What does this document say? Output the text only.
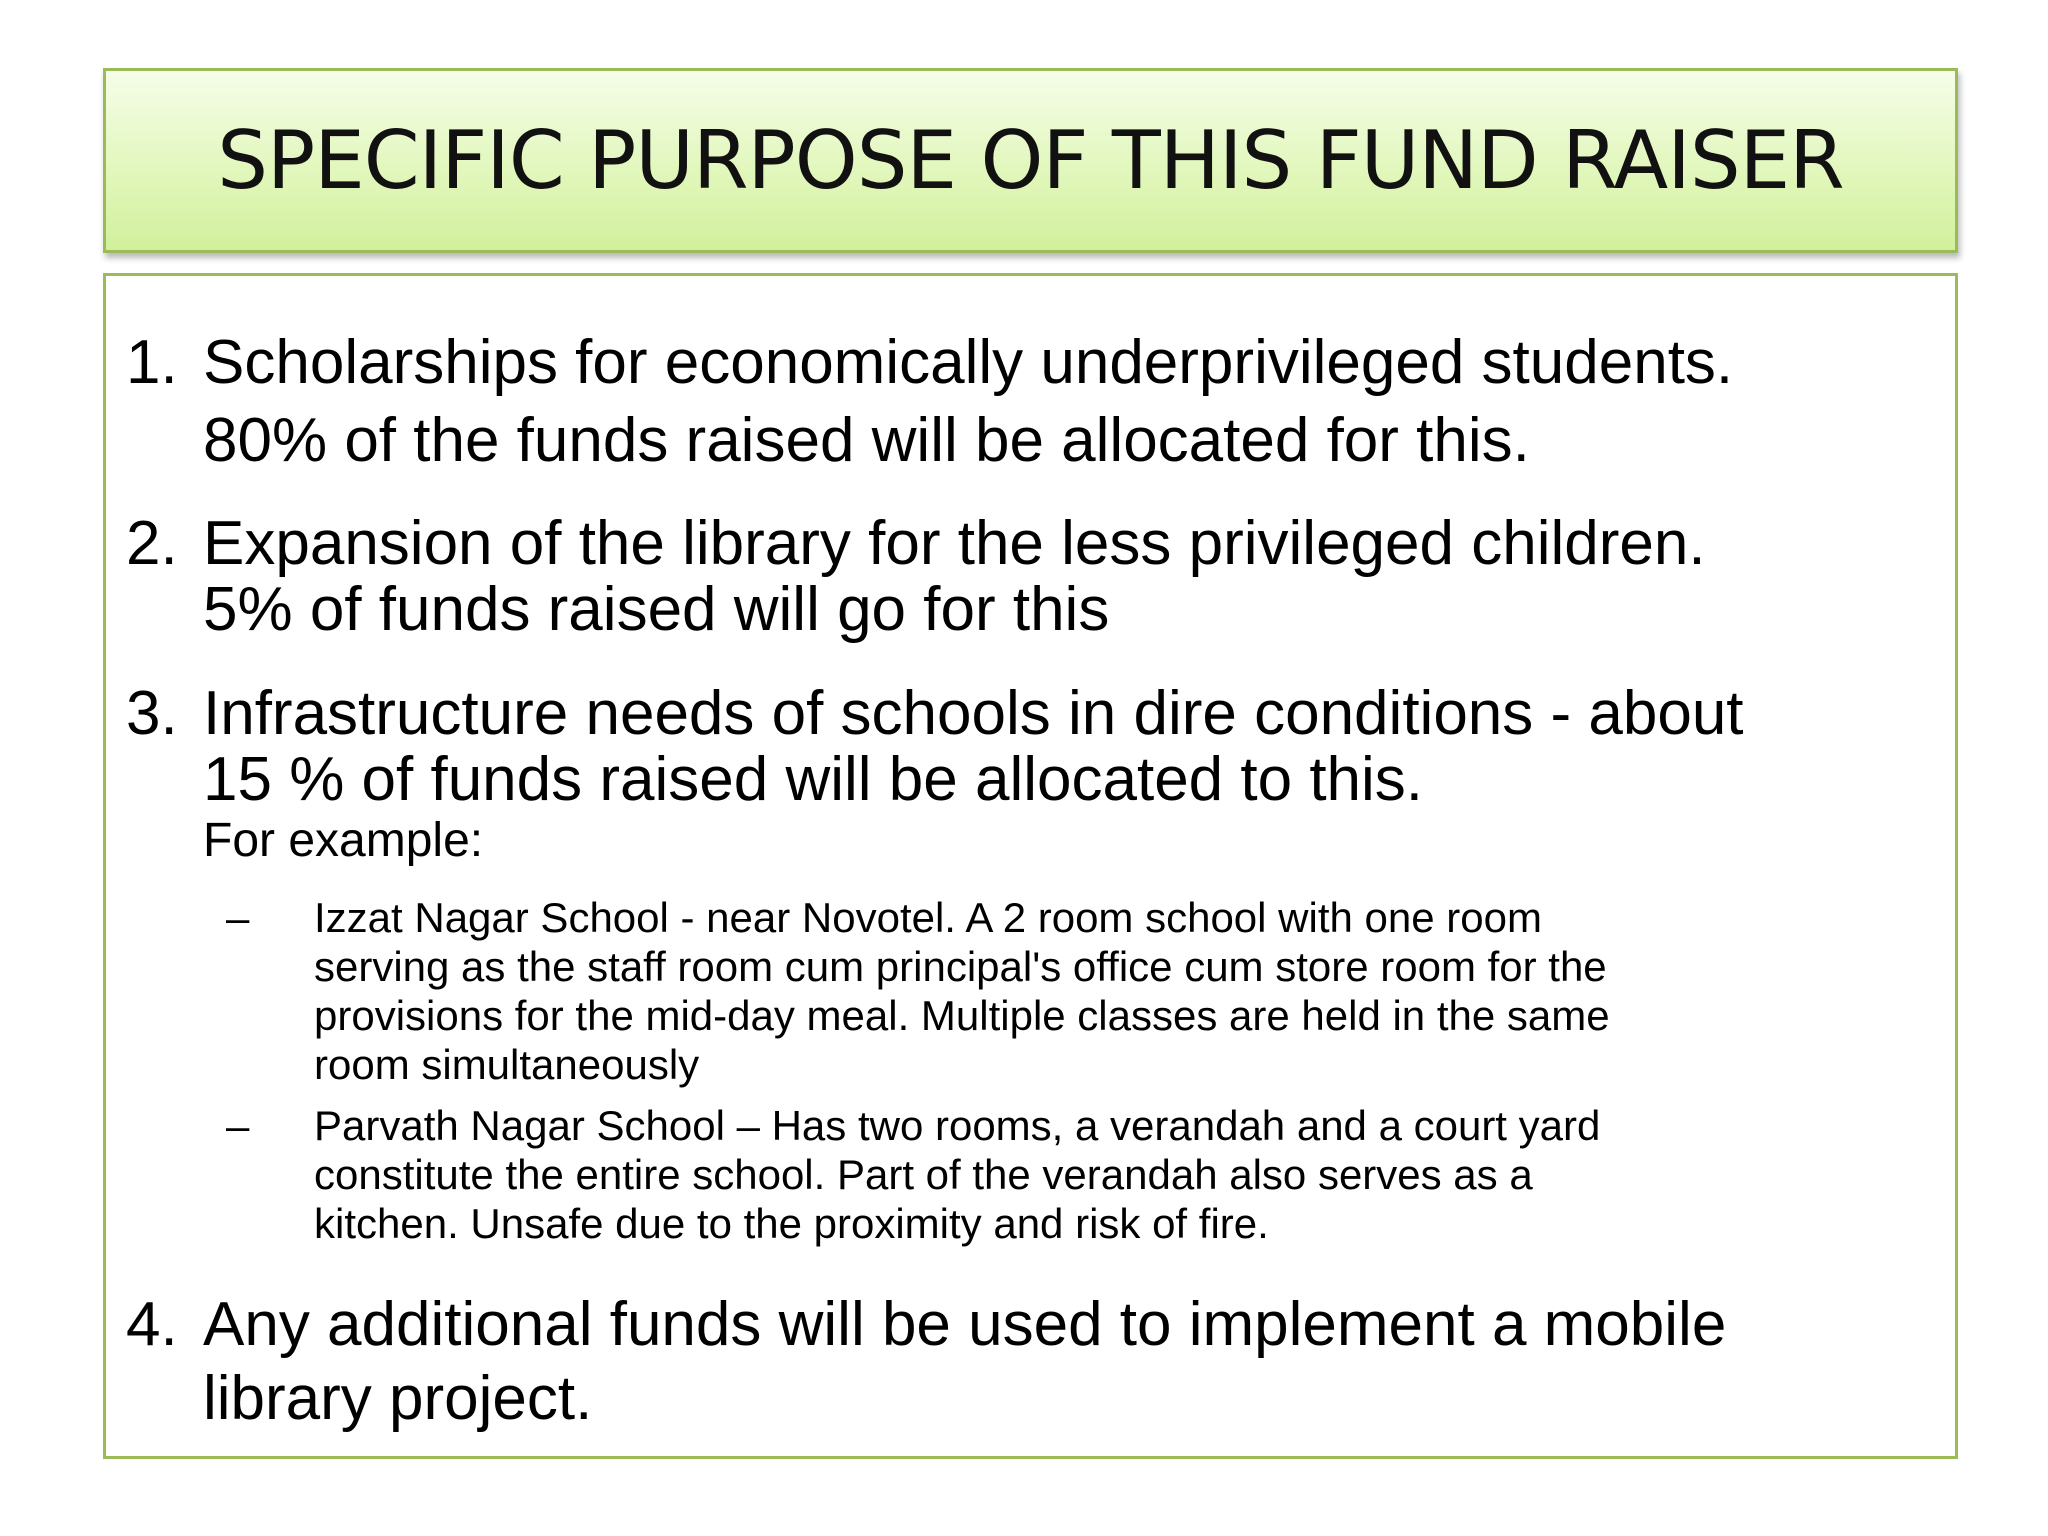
SPECIFIC PURPOSE OF THIS FUND RAISER
1. Scholarships for economically underprivileged students.
80% of the funds raised will be allocated for this.
2. Expansion of the library for the less privileged children.
5% of funds raised will go for this
3. Infrastructure needs of schools in dire conditions - about
15 % of funds raised will be allocated to this.
For example:
– Izzat Nagar School - near Novotel. A 2 room school with one room
serving as the staff room cum principal's office cum store room for the
provisions for the mid-day meal. Multiple classes are held in the same
room simultaneously
– Parvath Nagar School – Has two rooms, a verandah and a court yard
constitute the entire school. Part of the verandah also serves as a
kitchen. Unsafe due to the proximity and risk of fire.
4. Any additional funds will be used to implement a mobile
library project.
